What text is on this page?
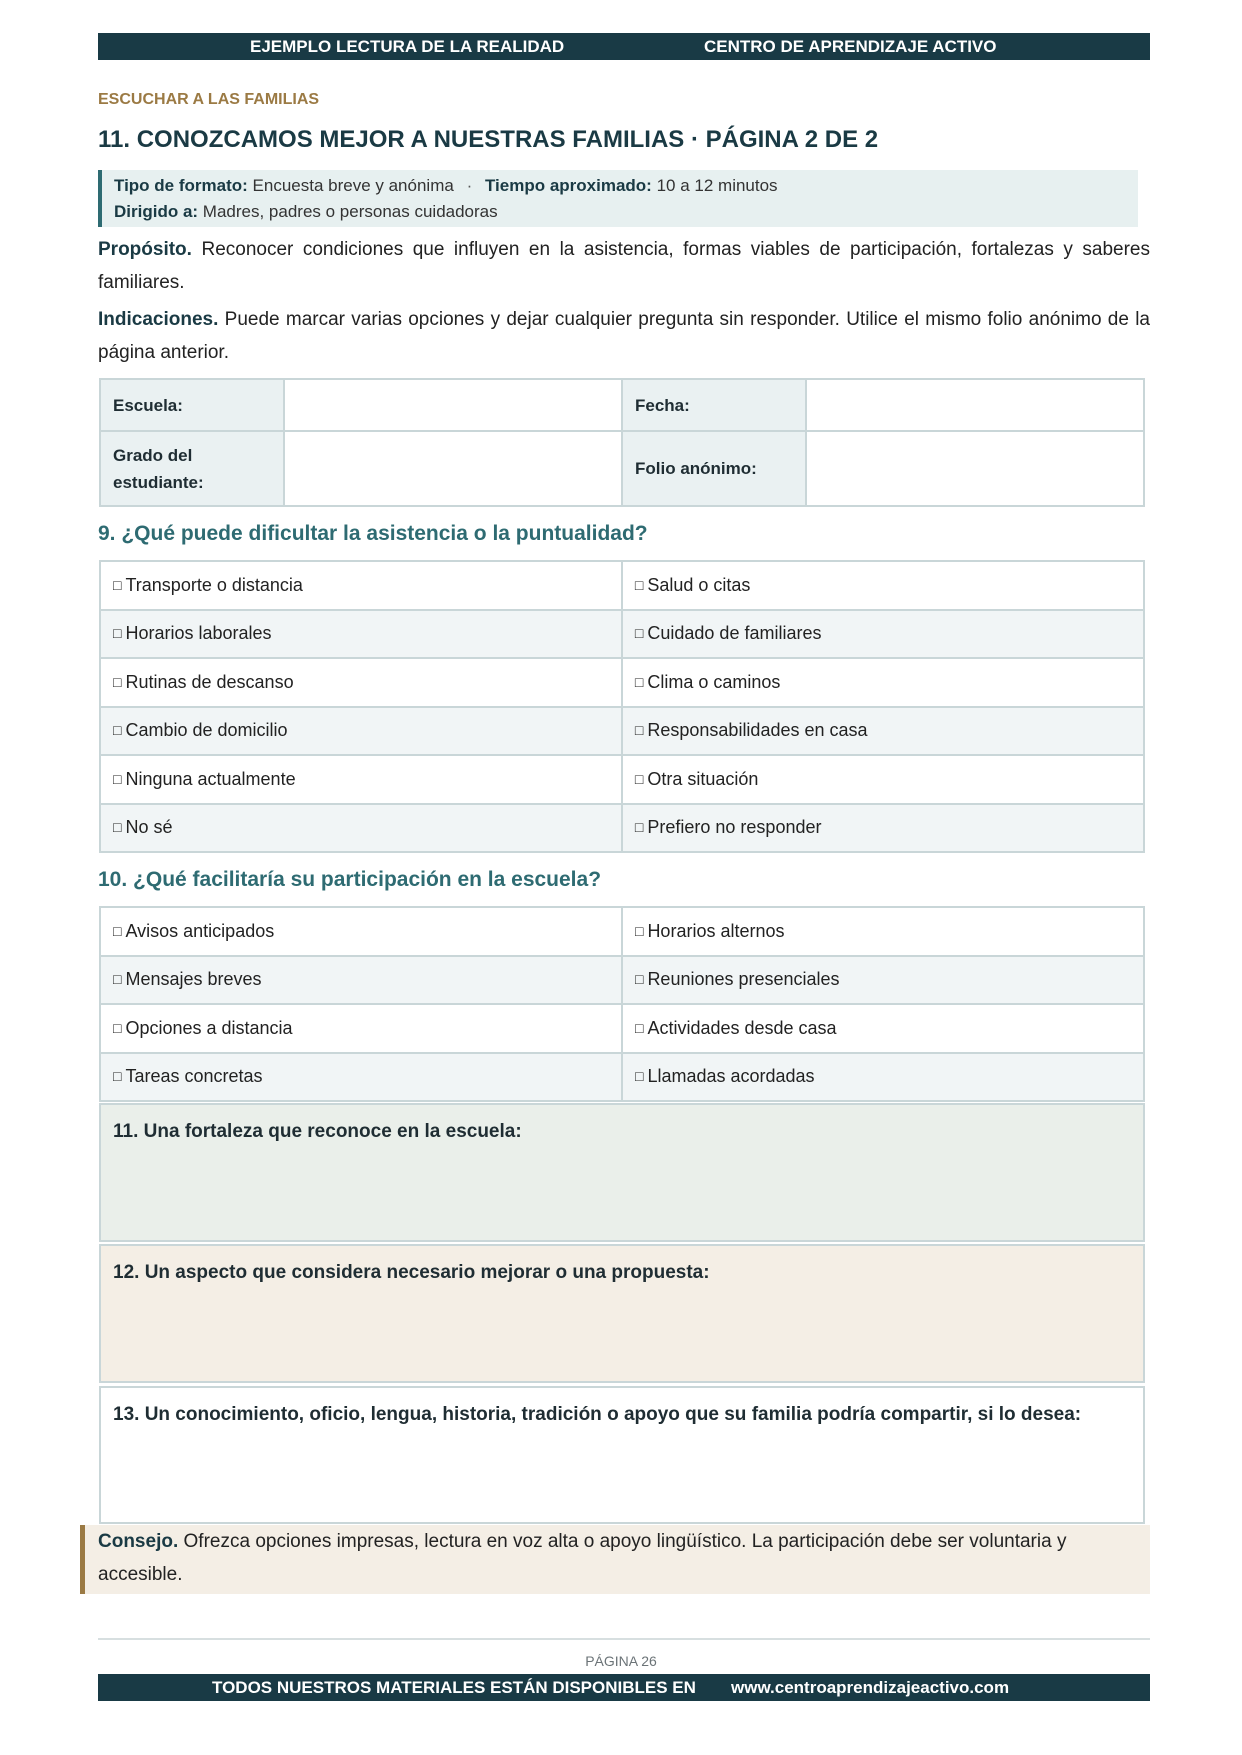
EJEMPLO LECTURA DE LA REALIDAD	CENTRO DE APRENDIZAJE ACTIVO
ESCUCHAR A LAS FAMILIAS
11. CONOZCAMOS MEJOR A NUESTRAS FAMILIAS · PÁGINA 2 DE 2
Tipo de formato: Encuesta breve y anónima · Tiempo aproximado: 10 a 12 minutos
Dirigido a: Madres, padres o personas cuidadoras
Propósito. Reconocer condiciones que influyen en la asistencia, formas viables de participación, fortalezas y saberes familiares.
Indicaciones. Puede marcar varias opciones y dejar cualquier pregunta sin responder. Utilice el mismo folio anónimo de la página anterior.
Escuela:		Fecha:	
Grado del estudiante:		Folio anónimo:	
9. ¿Qué puede dificultar la asistencia o la puntualidad?
□ Transporte o distancia	□ Salud o citas
□ Horarios laborales	□ Cuidado de familiares
□ Rutinas de descanso	□ Clima o caminos
□ Cambio de domicilio	□ Responsabilidades en casa
□ Ninguna actualmente	□ Otra situación
□ No sé	□ Prefiero no responder
10. ¿Qué facilitaría su participación en la escuela?
□ Avisos anticipados	□ Horarios alternos
□ Mensajes breves	□ Reuniones presenciales
□ Opciones a distancia	□ Actividades desde casa
□ Tareas concretas	□ Llamadas acordadas
11. Una fortaleza que reconoce en la escuela:
12. Un aspecto que considera necesario mejorar o una propuesta:
13. Un conocimiento, oficio, lengua, historia, tradición o apoyo que su familia podría compartir, si lo desea:
Consejo. Ofrezca opciones impresas, lectura en voz alta o apoyo lingüístico. La participación debe ser voluntaria y accesible.
PÁGINA 26
TODOS NUESTROS MATERIALES ESTÁN DISPONIBLES EN www.centroaprendizajeactivo.com
